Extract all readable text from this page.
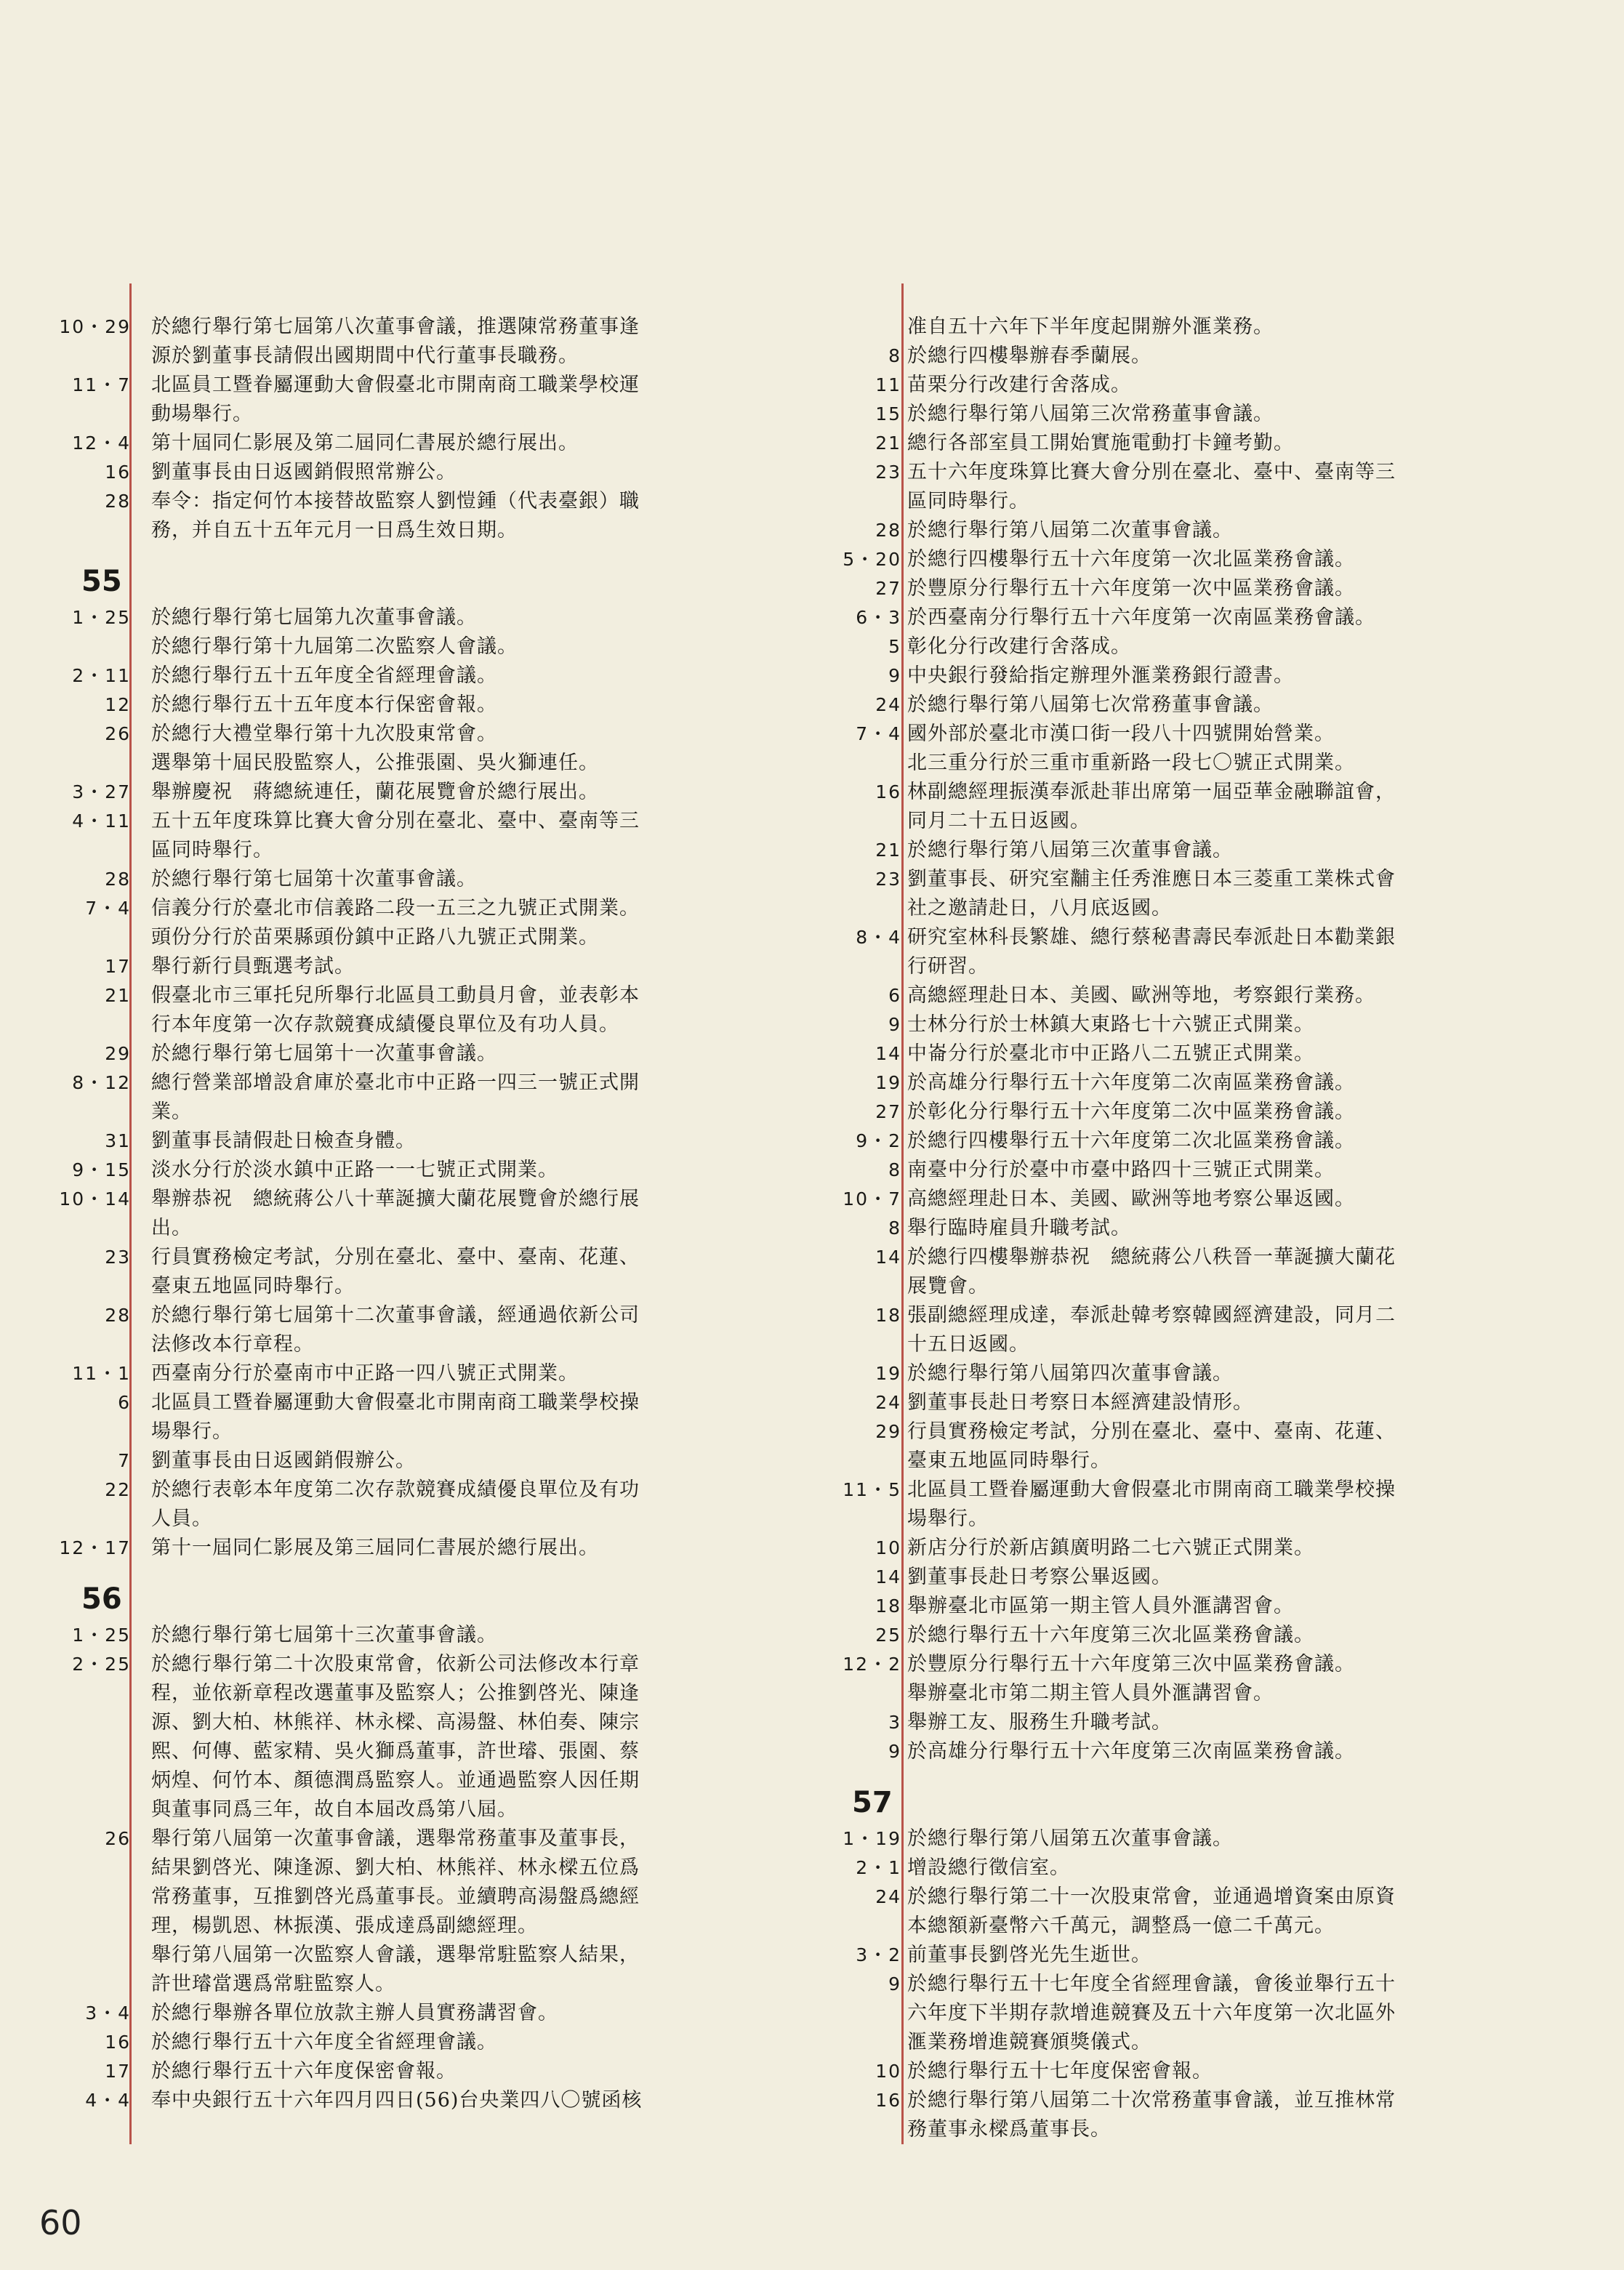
10・29
11・7
12・4
16
28
55
1・25
2・11
12
26
3・27
4・11
28
7・4
17
21
29
8・12
31
9・15
10・14
23
28
11・1
6
7
22
12・17
56
1・25
2・25
26
3・4
16
17
4・4
於總行舉行第七屆第八次董事會議，推選陳常務董事逢
源於劉董事長請假出國期間中代行董事長職務。
北區員工暨眷屬運動大會假臺北市開南商工職業學校運
動場舉行。
第十屆同仁影展及第二屆同仁書展於總行展出。
劉董事長由日返國銷假照常辦公。
奉令：指定何竹本接替故監察人劉愷鍾（代表臺銀）職
務，并自五十五年元月一日爲生效日期。
於總行舉行第七屆第九次董事會議。
於總行舉行第十九屆第二次監察人會議。
於總行舉行五十五年度全省經理會議。
於總行舉行五十五年度本行保密會報。
於總行大禮堂舉行第十九次股東常會。
選舉第十屆民股監察人，公推張園、吳火獅連任。
舉辦慶祝　蔣總統連任，蘭花展覽會於總行展出。
五十五年度珠算比賽大會分別在臺北、臺中、臺南等三
區同時舉行。
於總行舉行第七屆第十次董事會議。
信義分行於臺北市信義路二段一五三之九號正式開業。
頭份分行於苗栗縣頭份鎮中正路八九號正式開業。
舉行新行員甄選考試。
假臺北市三軍托兒所舉行北區員工動員月會，並表彰本
行本年度第一次存款競賽成績優良單位及有功人員。
於總行舉行第七屆第十一次董事會議。
總行營業部增設倉庫於臺北市中正路一四三一號正式開
業。
劉董事長請假赴日檢查身體。
淡水分行於淡水鎮中正路一一七號正式開業。
舉辦恭祝　總統蔣公八十華誕擴大蘭花展覽會於總行展
出。
行員實務檢定考試，分別在臺北、臺中、臺南、花蓮、
臺東五地區同時舉行。
於總行舉行第七屆第十二次董事會議，經通過依新公司
法修改本行章程。
西臺南分行於臺南市中正路一四八號正式開業。
北區員工暨眷屬運動大會假臺北市開南商工職業學校操
場舉行。
劉董事長由日返國銷假辦公。
於總行表彰本年度第二次存款競賽成績優良單位及有功
人員。
第十一屆同仁影展及第三屆同仁書展於總行展出。
於總行舉行第七屆第十三次董事會議。
於總行舉行第二十次股東常會，依新公司法修改本行章
程，並依新章程改選董事及監察人；公推劉啓光、陳逢
源、劉大柏、林熊祥、林永樑、高湯盤、林伯奏、陳宗
熙、何傳、藍家精、吳火獅爲董事，許世璿、張園、蔡
炳煌、何竹本、顏德潤爲監察人。並通過監察人因任期
與董事同爲三年，故自本屆改爲第八屆。
舉行第八屆第一次董事會議，選舉常務董事及董事長，
結果劉啓光、陳逢源、劉大柏、林熊祥、林永樑五位爲
常務董事，互推劉啓光爲董事長。並續聘高湯盤爲總經
理，楊凱恩、林振漢、張成達爲副總經理。
舉行第八屆第一次監察人會議，選舉常駐監察人結果，
許世璿當選爲常駐監察人。
於總行舉辦各單位放款主辦人員實務講習會。
於總行舉行五十六年度全省經理會議。
於總行舉行五十六年度保密會報。
奉中央銀行五十六年四月四日(56)台央業四八〇號函核
8
11
15
21
23
28
5・20
27
6・3
5
9
24
7・4
16
21
23
8・4
6
9
14
19
27
9・2
8
10・7
8
14
18
19
24
29
11・5
10
14
18
25
12・2
3
9
57
1・19
2・1
24
3・2
9
10
16
准自五十六年下半年度起開辦外滙業務。
於總行四樓舉辦春季蘭展。
苗栗分行改建行舍落成。
於總行舉行第八屆第三次常務董事會議。
總行各部室員工開始實施電動打卡鐘考勤。
五十六年度珠算比賽大會分別在臺北、臺中、臺南等三
區同時舉行。
於總行舉行第八屆第二次董事會議。
於總行四樓舉行五十六年度第一次北區業務會議。
於豐原分行舉行五十六年度第一次中區業務會議。
於西臺南分行舉行五十六年度第一次南區業務會議。
彰化分行改建行舍落成。
中央銀行發給指定辦理外滙業務銀行證書。
於總行舉行第八屆第七次常務董事會議。
國外部於臺北市漢口街一段八十四號開始營業。
北三重分行於三重市重新路一段七〇號正式開業。
林副總經理振漢奉派赴菲出席第一屆亞華金融聯誼會，
同月二十五日返國。
於總行舉行第八屆第三次董事會議。
劉董事長、研究室黼主任秀淮應日本三菱重工業株式會
社之邀請赴日，八月底返國。
研究室林科長繁雄、總行蔡秘書壽民奉派赴日本勸業銀
行研習。
高總經理赴日本、美國、歐洲等地，考察銀行業務。
士林分行於士林鎮大東路七十六號正式開業。
中崙分行於臺北市中正路八二五號正式開業。
於高雄分行舉行五十六年度第二次南區業務會議。
於彰化分行舉行五十六年度第二次中區業務會議。
於總行四樓舉行五十六年度第二次北區業務會議。
南臺中分行於臺中市臺中路四十三號正式開業。
高總經理赴日本、美國、歐洲等地考察公畢返國。
舉行臨時雇員升職考試。
於總行四樓舉辦恭祝　總統蔣公八秩晉一華誕擴大蘭花
展覽會。
張副總經理成達，奉派赴韓考察韓國經濟建設，同月二
十五日返國。
於總行舉行第八屆第四次董事會議。
劉董事長赴日考察日本經濟建設情形。
行員實務檢定考試，分別在臺北、臺中、臺南、花蓮、
臺東五地區同時舉行。
北區員工暨眷屬運動大會假臺北市開南商工職業學校操
場舉行。
新店分行於新店鎮廣明路二七六號正式開業。
劉董事長赴日考察公畢返國。
舉辦臺北市區第一期主管人員外滙講習會。
於總行舉行五十六年度第三次北區業務會議。
於豐原分行舉行五十六年度第三次中區業務會議。
舉辦臺北市第二期主管人員外滙講習會。
舉辦工友、服務生升職考試。
於高雄分行舉行五十六年度第三次南區業務會議。
於總行舉行第八屆第五次董事會議。
增設總行徵信室。
於總行舉行第二十一次股東常會，並通過增資案由原資
本總額新臺幣六千萬元，調整爲一億二千萬元。
前董事長劉啓光先生逝世。
於總行舉行五十七年度全省經理會議，會後並舉行五十
六年度下半期存款增進競賽及五十六年度第一次北區外
滙業務增進競賽頒獎儀式。
於總行舉行五十七年度保密會報。
於總行舉行第八屆第二十次常務董事會議，並互推林常
務董事永樑爲董事長。
60
